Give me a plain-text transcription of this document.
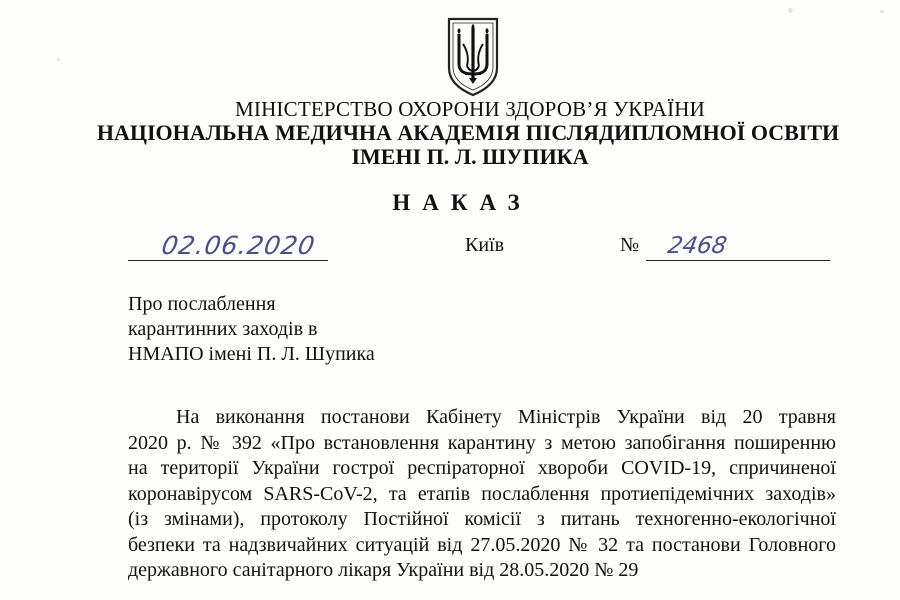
МІНІСТЕРСТВО ОХОРОНИ ЗДОРОВ’Я УКРАЇНИ
НАЦІОНАЛЬНА МЕДИЧНА АКАДЕМІЯ ПІСЛЯДИПЛОМНОЇ ОСВІТИ
ІМЕНІ П. Л. ШУПИКА
НАКАЗ
02.06.2020	Київ	№ 2468
Про послаблення
карантинних заходів в
НМАПО імені П. Л. Шупика
На виконання постанови Кабінету Міністрів України від 20 травня
2020 р. № 392 «Про встановлення карантину з метою запобігання поширенню
на території України гострої респіраторної хвороби COVID-19, спричиненої
коронавірусом SARS-CoV-2, та етапів послаблення протиепідемічних заходів»
(із змінами), протоколу Постійної комісії з питань техногенно-екологічної
безпеки та надзвичайних ситуацій від 27.05.2020 № 32 та постанови Головного
державного санітарного лікаря України від 28.05.2020 № 29
